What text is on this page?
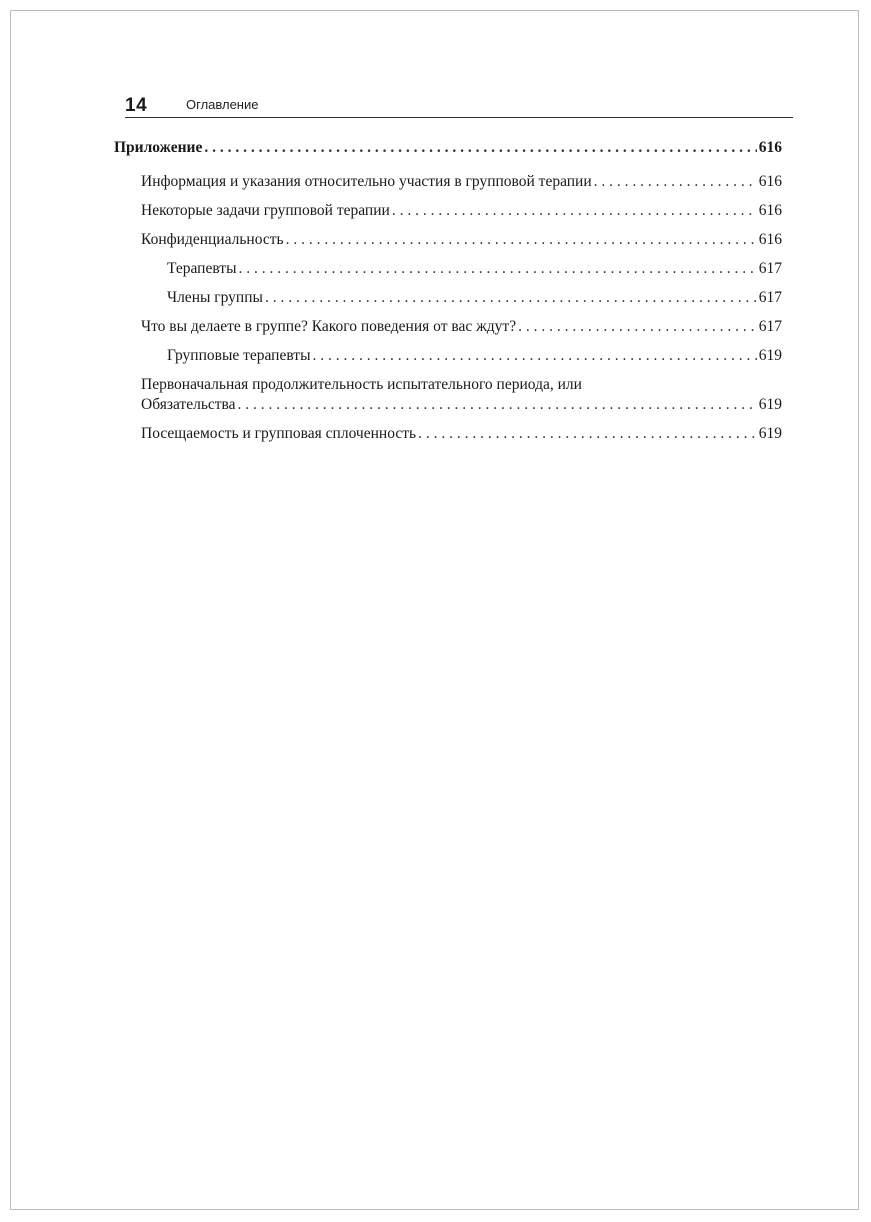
14	Оглавление
Приложение . . .	616
Информация и указания относительно участия в групповой терапии . . .	616
Некоторые задачи групповой терапии . . .	616
Конфиденциальность . . .	616
Терапевты . . .	617
Члены группы . . .	617
Что вы делаете в группе? Какого поведения от вас ждут? . . .	617
Групповые терапевты . . .	619
Первоначальная продолжительность испытательного периода, или
Обязательства . . .	619
Посещаемость и групповая сплоченность . . .	619
